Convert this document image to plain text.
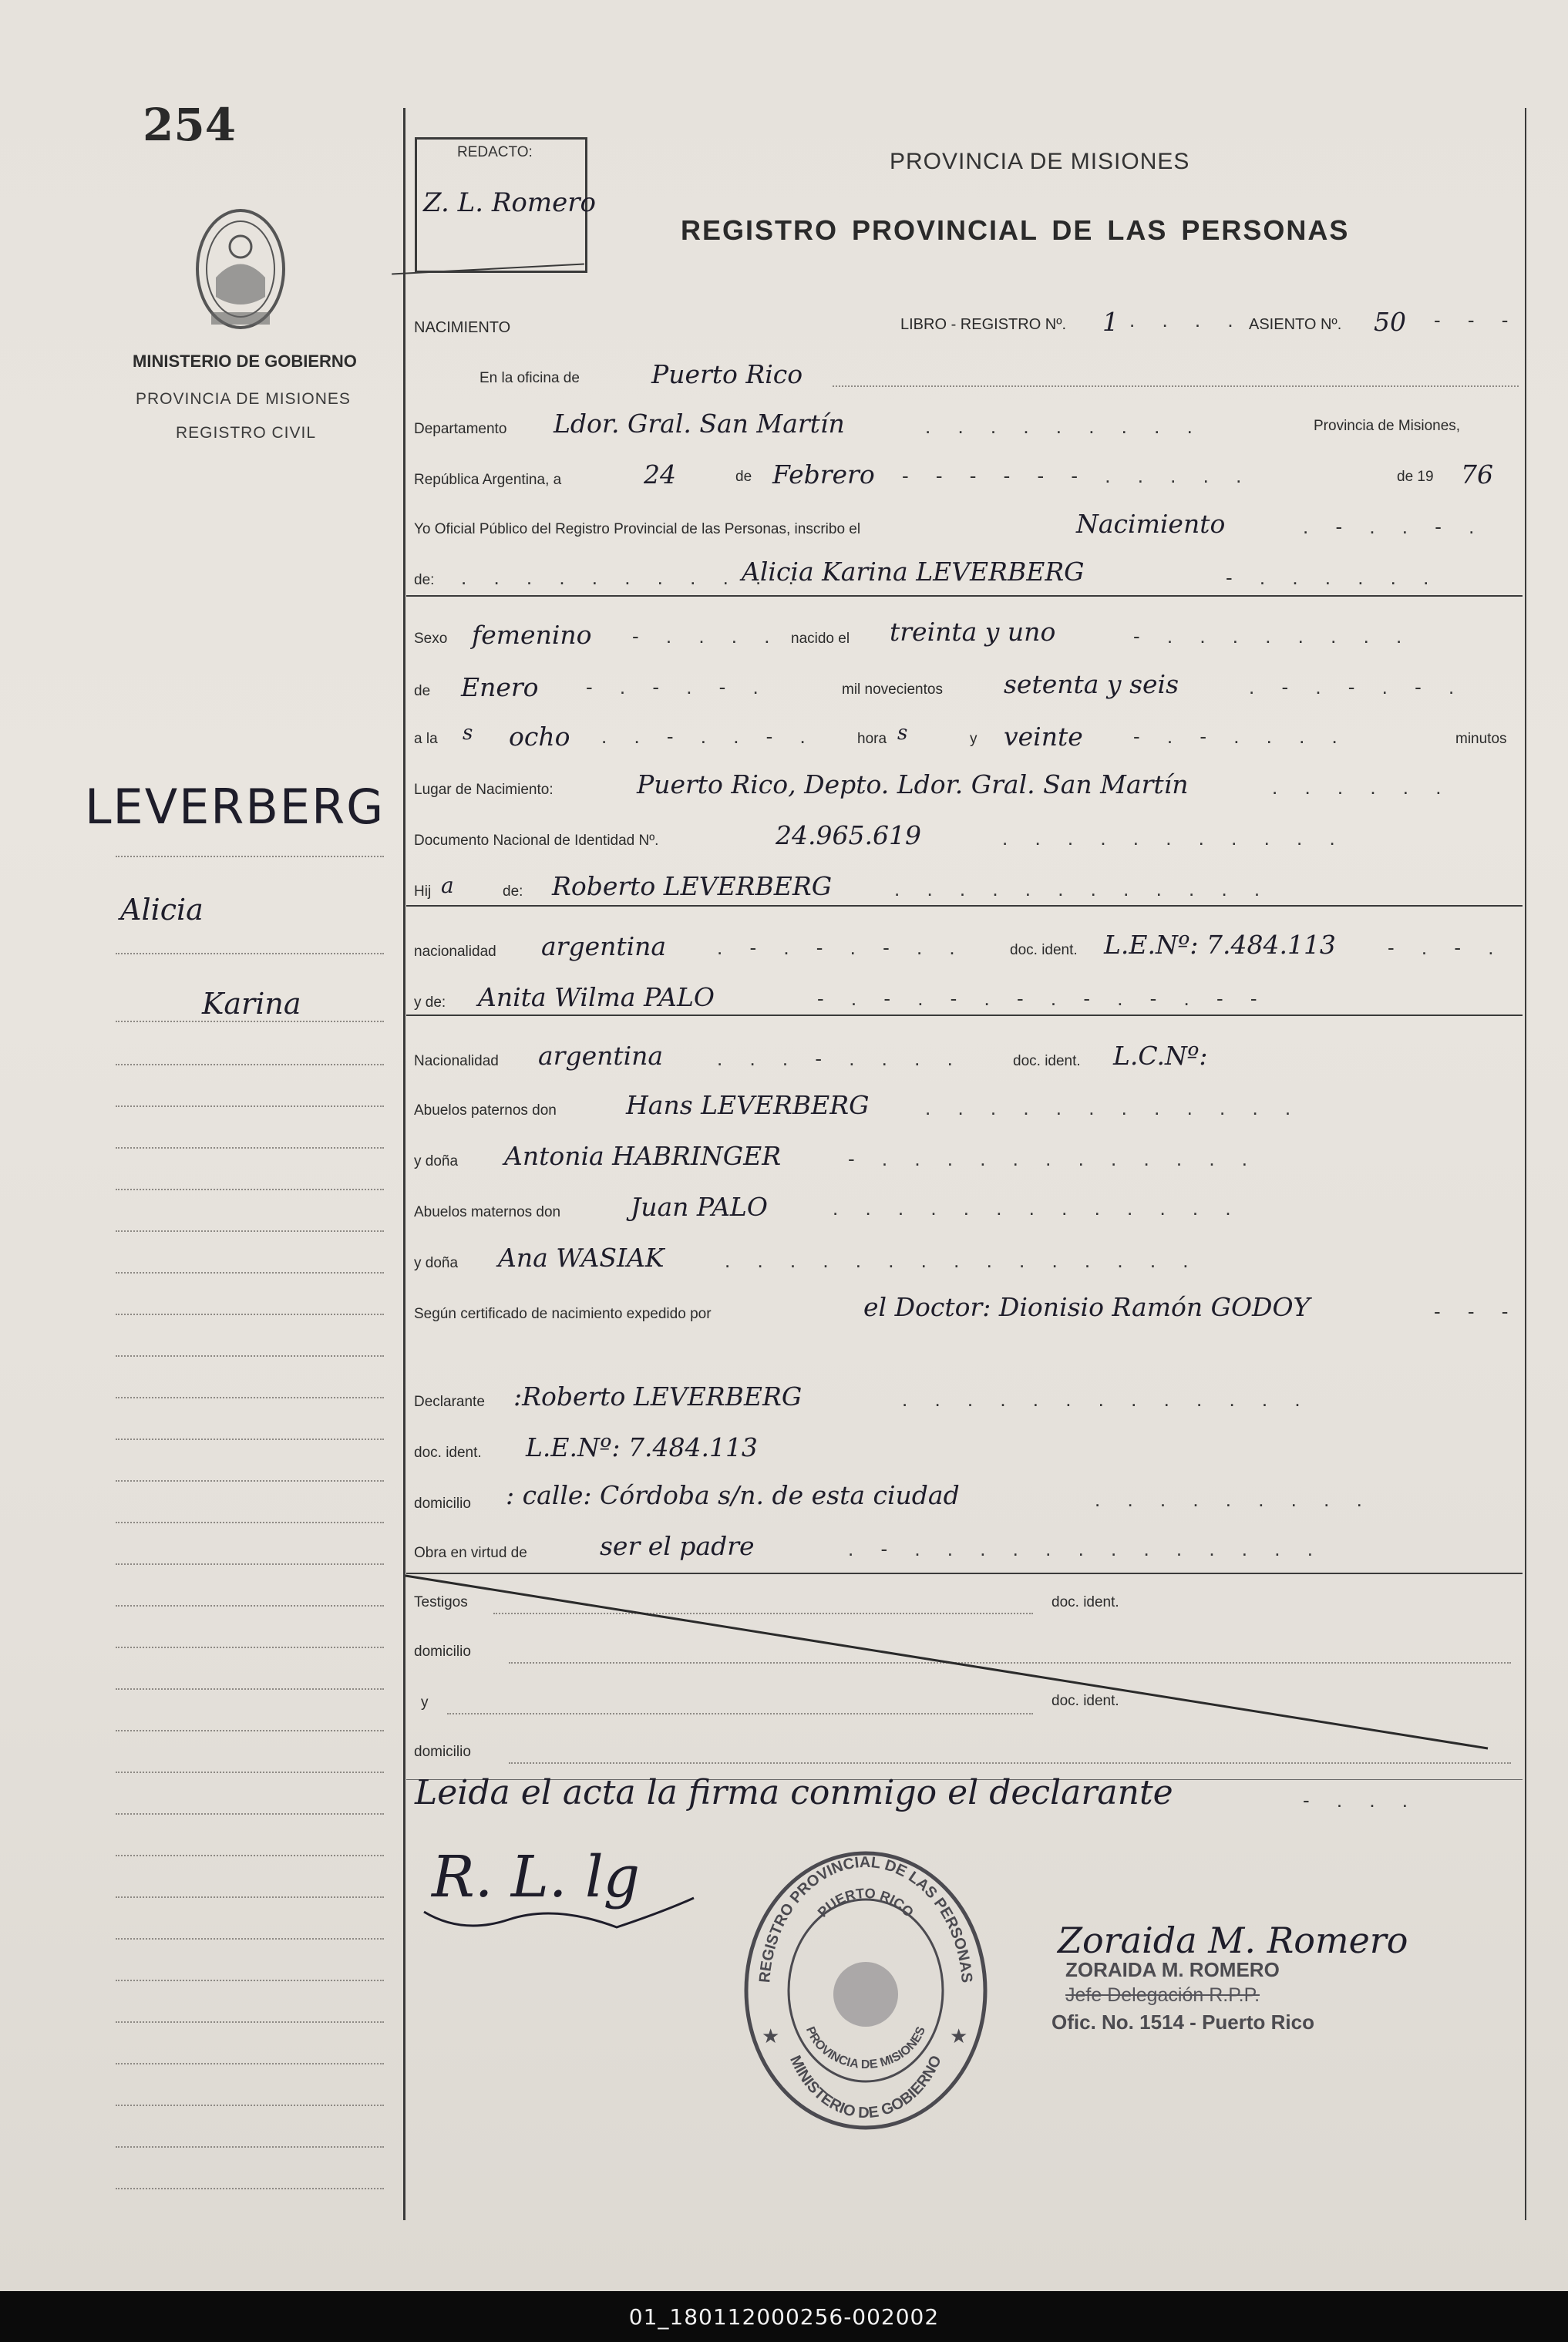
254
MINISTERIO DE GOBIERNO
PROVINCIA DE MISIONES
REGISTRO CIVIL
LEVERBERG
Alicia
Karina
REDACTO:
Z. L. Romero
PROVINCIA DE MISIONES
REGISTRO PROVINCIAL DE LAS PERSONAS
NACIMIENTO	LIBRO - REGISTRO Nº. 1 . . . . ASIENTO Nº. 50 - - -
En la oficina de	Puerto Rico
Departamento Ldor. Gral. San Martín	. . . . . . . . .	Provincia de Misiones,
República Argentina, a	24	de Febrero - - - - - - . . . . .	de 19 76
Yo Oficial Público del Registro Provincial de las Personas, inscribo el	Nacimiento	. - . . - .
de: . . . . . . . . . . .
Alicia Karina LEVERBERG	- . . . . . .
Sexo femenino - . . . . nacido el treinta y uno	- . . . . . . . .
de Enero - . - . - .	mil novecientos setenta y seis	. - . - . - .
a la s ocho . . - . . - .	hora s	y veinte	- . - . . . .	minutos
Lugar de Nacimiento:	Puerto Rico, Depto. Ldor. Gral. San Martín	. . . . . .
Documento Nacional de Identidad Nº.	24.965.619	. . . . . . . . . . .
Hij a	de: Roberto LEVERBERG	. . . . . . . . . . . .
nacionalidad argentina	. - . - . - . .	doc. ident. L.E.Nº: 7.484.113	- . - .
y de: Anita Wilma PALO	- . - . - . - . - . - . - -
Nacionalidad argentina	. . . - . . . .	doc. ident. L.C.Nº:
Abuelos paternos don	Hans LEVERBERG	. . . . . . . . . . . .
y doña Antonia HABRINGER	- . . . . . . . . . . . .
Abuelos maternos don	Juan PALO	. . . . . . . . . . . . .
y doña Ana WASIAK	. . . . . . . . . . . . . . .
Según certificado de nacimiento expedido por	el Doctor: Dionisio Ramón GODOY	- - -
Declarante :Roberto LEVERBERG	. . . . . . . . . . . . .
doc. ident. L.E.Nº: 7.484.113
domicilio : calle: Córdoba s/n. de esta ciudad	. . . . . . . . .
Obra en virtud de	ser el padre	. - . . . . . . . . . . . . .
Testigos	doc. ident.
domicilio
y	doc. ident.
domicilio
Leida el acta la firma conmigo el declarante	- . . .
R. L. lg
REGISTRO PROVINCIAL DE LAS PERSONAS
PUERTO RICO
PROVINCIA DE MISIONES
MINISTERIO DE GOBIERNO
★	★
Zoraida M. Romero
ZORAIDA M. ROMERO
Jefe Delegación R.P.P.
Ofic. No. 1514 - Puerto Rico
01_180112000256-002002
